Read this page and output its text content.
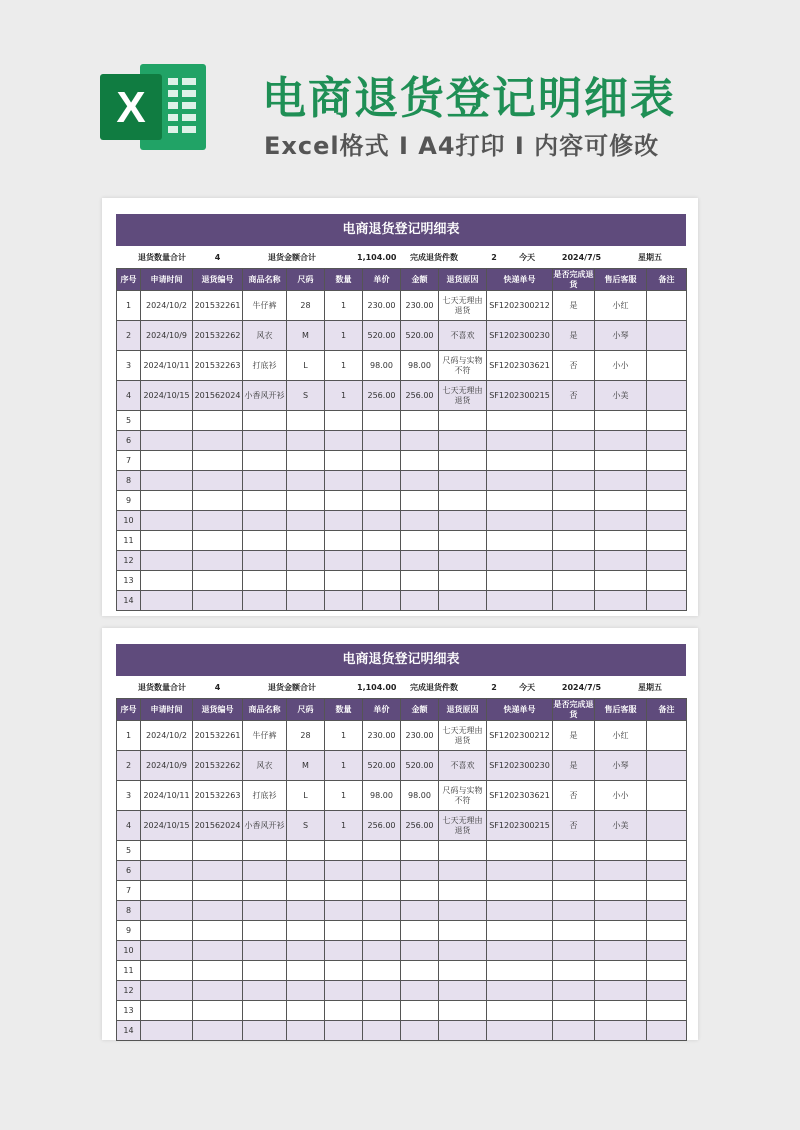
X	电商退货登记明细表
Excel格式 I A4打印 I 内容可修改
电商退货登记明细表
退货数量合计	4	退货金额合计	1,104.00	完成退货件数	2	今天	2024/7/5	星期五
序号	申请时间	退货编号	商品名称	尺码	数量	单价	金额	退货原因	快递单号	是否完成退货	售后客服	备注
1	2024/10/2	201532261	牛仔裤	28	1	230.00	230.00	七天无理由退货	SF1202300212	是	小红	
2	2024/10/9	201532262	风衣	M	1	520.00	520.00	不喜欢	SF1202300230	是	小琴	
3	2024/10/11	201532263	打底衫	L	1	98.00	98.00	尺码与实物不符	SF1202303621	否	小小	
4	2024/10/15	201562024	小香风开衫	S	1	256.00	256.00	七天无理由退货	SF1202300215	否	小美	
5												
6												
7												
8												
9												
10												
11												
12												
13												
14												
电商退货登记明细表
退货数量合计	4	退货金额合计	1,104.00	完成退货件数	2	今天	2024/7/5	星期五
序号	申请时间	退货编号	商品名称	尺码	数量	单价	金额	退货原因	快递单号	是否完成退货	售后客服	备注
1	2024/10/2	201532261	牛仔裤	28	1	230.00	230.00	七天无理由退货	SF1202300212	是	小红	
2	2024/10/9	201532262	风衣	M	1	520.00	520.00	不喜欢	SF1202300230	是	小琴	
3	2024/10/11	201532263	打底衫	L	1	98.00	98.00	尺码与实物不符	SF1202303621	否	小小	
4	2024/10/15	201562024	小香风开衫	S	1	256.00	256.00	七天无理由退货	SF1202300215	否	小美	
5												
6												
7												
8												
9												
10												
11												
12												
13												
14												
